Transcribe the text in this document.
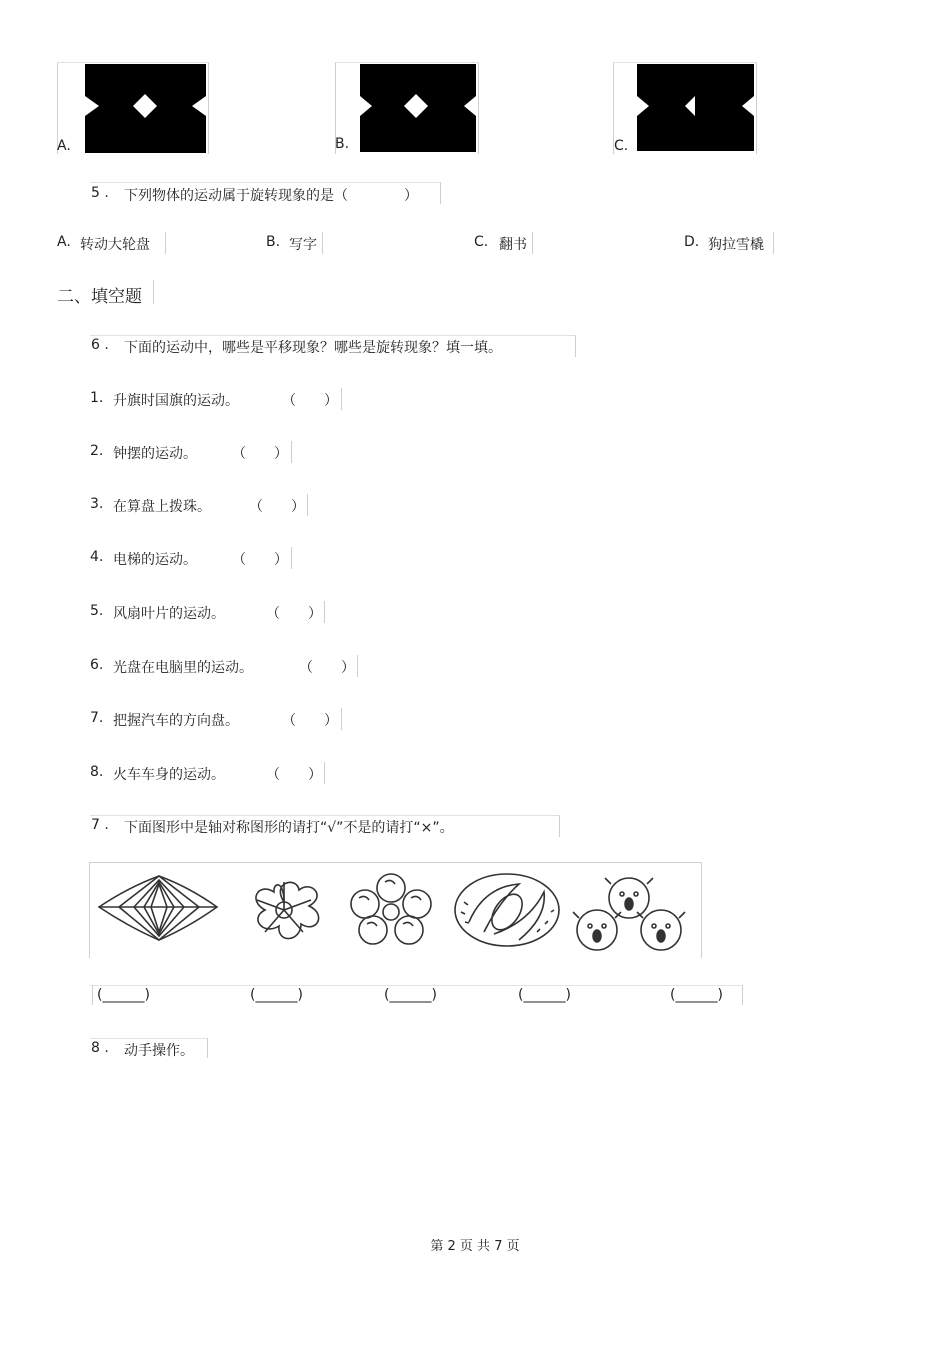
A.	B.	C.
5 . 下列物体的运动属于旋转现象的是（　　　　）
A. 转动大轮盘	B. 写字	C. 翻书	D. 狗拉雪橇
二、填空题
6 . 下面的运动中，哪些是平移现象？哪些是旋转现象？填一填。
1. 升旗时国旗的运动。	（　　）
2. 钟摆的运动。	（　　）
3. 在算盘上拨珠。	（　　）
4. 电梯的运动。	（　　）
5. 风扇叶片的运动。	（　　）
6. 光盘在电脑里的运动。	（　　）
7. 把握汽车的方向盘。	（　　）
8. 火车车身的运动。	（　　）
7 . 下面图形中是轴对称图形的请打“√”不是的请打“×”。
(______)	(______)	(______)	(______)	(______)
8 . 动手操作。
第 2 页 共 7 页
